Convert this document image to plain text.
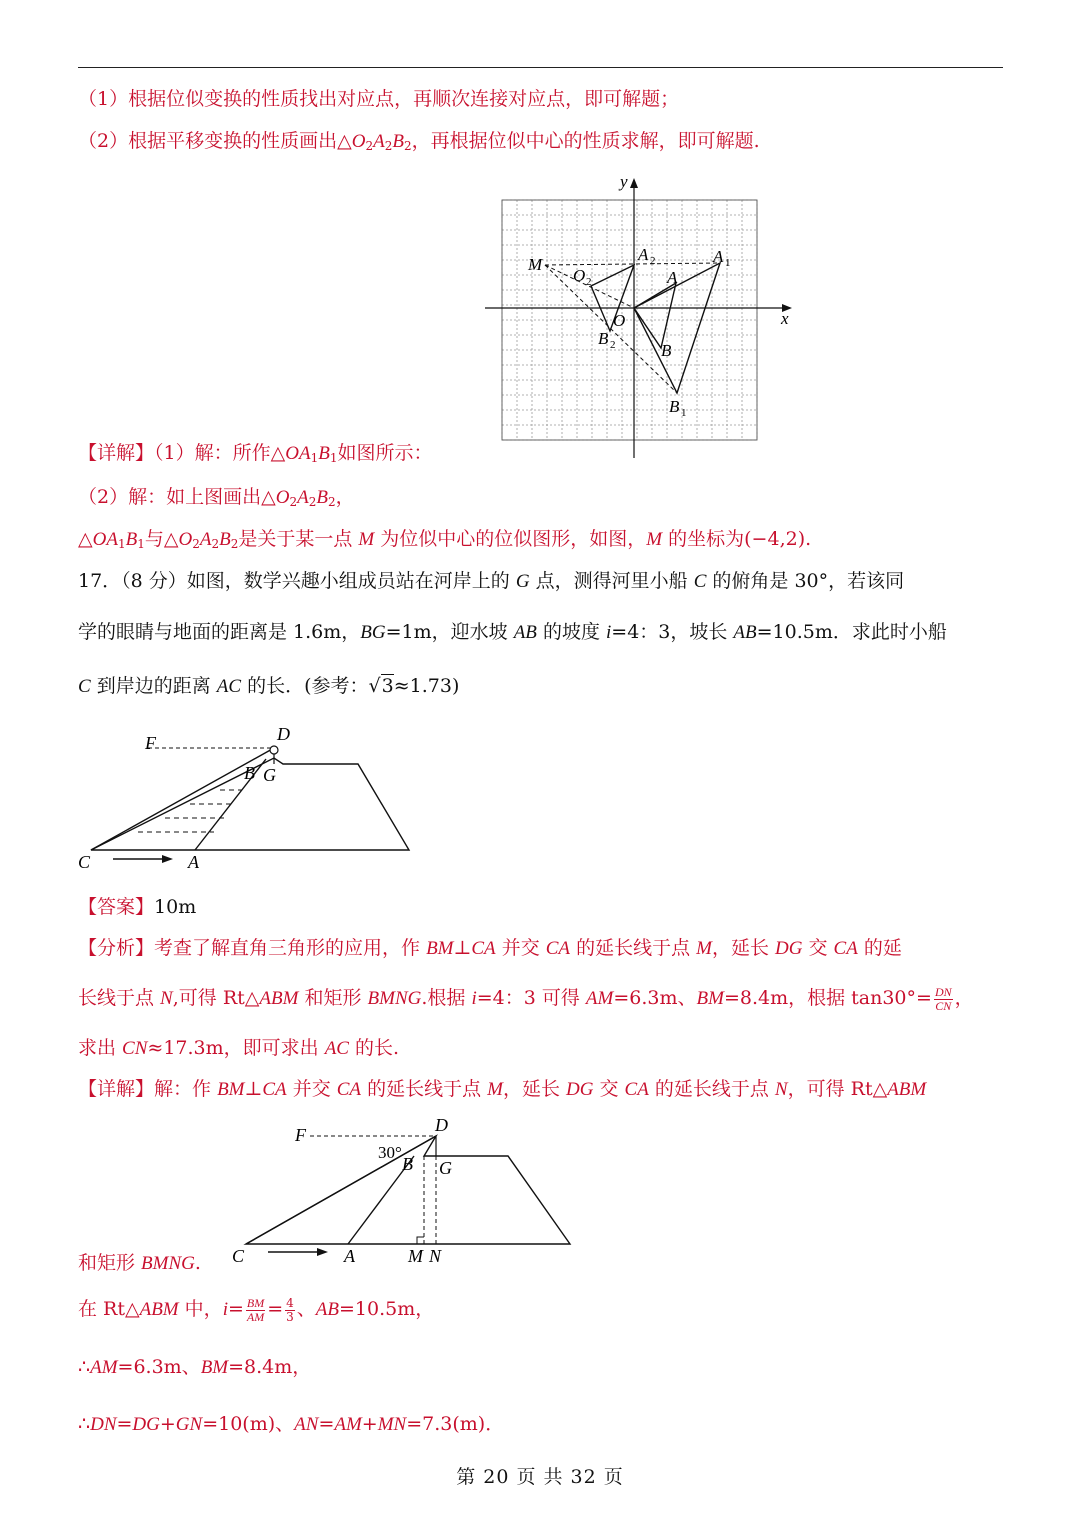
（1）根据位似变换的性质找出对应点，再顺次连接对应点，即可解题；
（2）根据平移变换的性质画出$\triangle O_2A_2B_2$，再根据位似中心的性质求解，即可解题.
y
x
M
O 2
A 2
A
A 1
O
B 2	B
B 1
【详解】（1）解：所作$\triangle OA_1B_1$如图所示：
（2）解：如上图画出$\triangle O_2A_2B_2$，
$\triangle OA_1B_1$与$\triangle O_2A_2B_2$是关于某一点 M 为位似中心的位似图形，如图，M 的坐标为(−4,2).
17．（8 分）如图，数学兴趣小组成员站在河岸上的 G 点，测得河里小船 C 的俯角是 30°，若该同
学的眼睛与地面的距离是 1.6m，BG=1m，迎水坡 AB 的坡度 i=4：3，坡长 AB=10.5m．求此时小船
C 到岸边的距离 AC 的长．(参考：√3≈1.73)
F	D
B G
C	A
【答案】10m
【分析】考查了解直角三角形的应用，作 BM⊥CA 并交 CA 的延长线于点 M，延长 DG 交 CA 的延
长线于点 N,可得 Rt△ABM 和矩形 BMNG.根据 i=4：3 可得 AM=6.3m、BM=8.4m，根据 $\tan 30^\circ= \frac{DN}{CN}$ ，
求出 CN≈17.3m，即可求出 AC 的长.
【详解】解：作 BM⊥CA 并交 CA 的延长线于点 M，延长 DG 交 CA 的延长线于点 N，可得 Rt△ABM
F	D
30°
B G
C	A	M N
和矩形 BMNG.
在 Rt△ABM 中，$i= \frac{BM}{AM} = \frac{4}{3}$ 、AB=10.5m，
∴AM=6.3m、BM=8.4m，
∴DN=DG+GN=10(m)、AN=AM+MN=7.3(m)．
第 20 页 共 32 页
